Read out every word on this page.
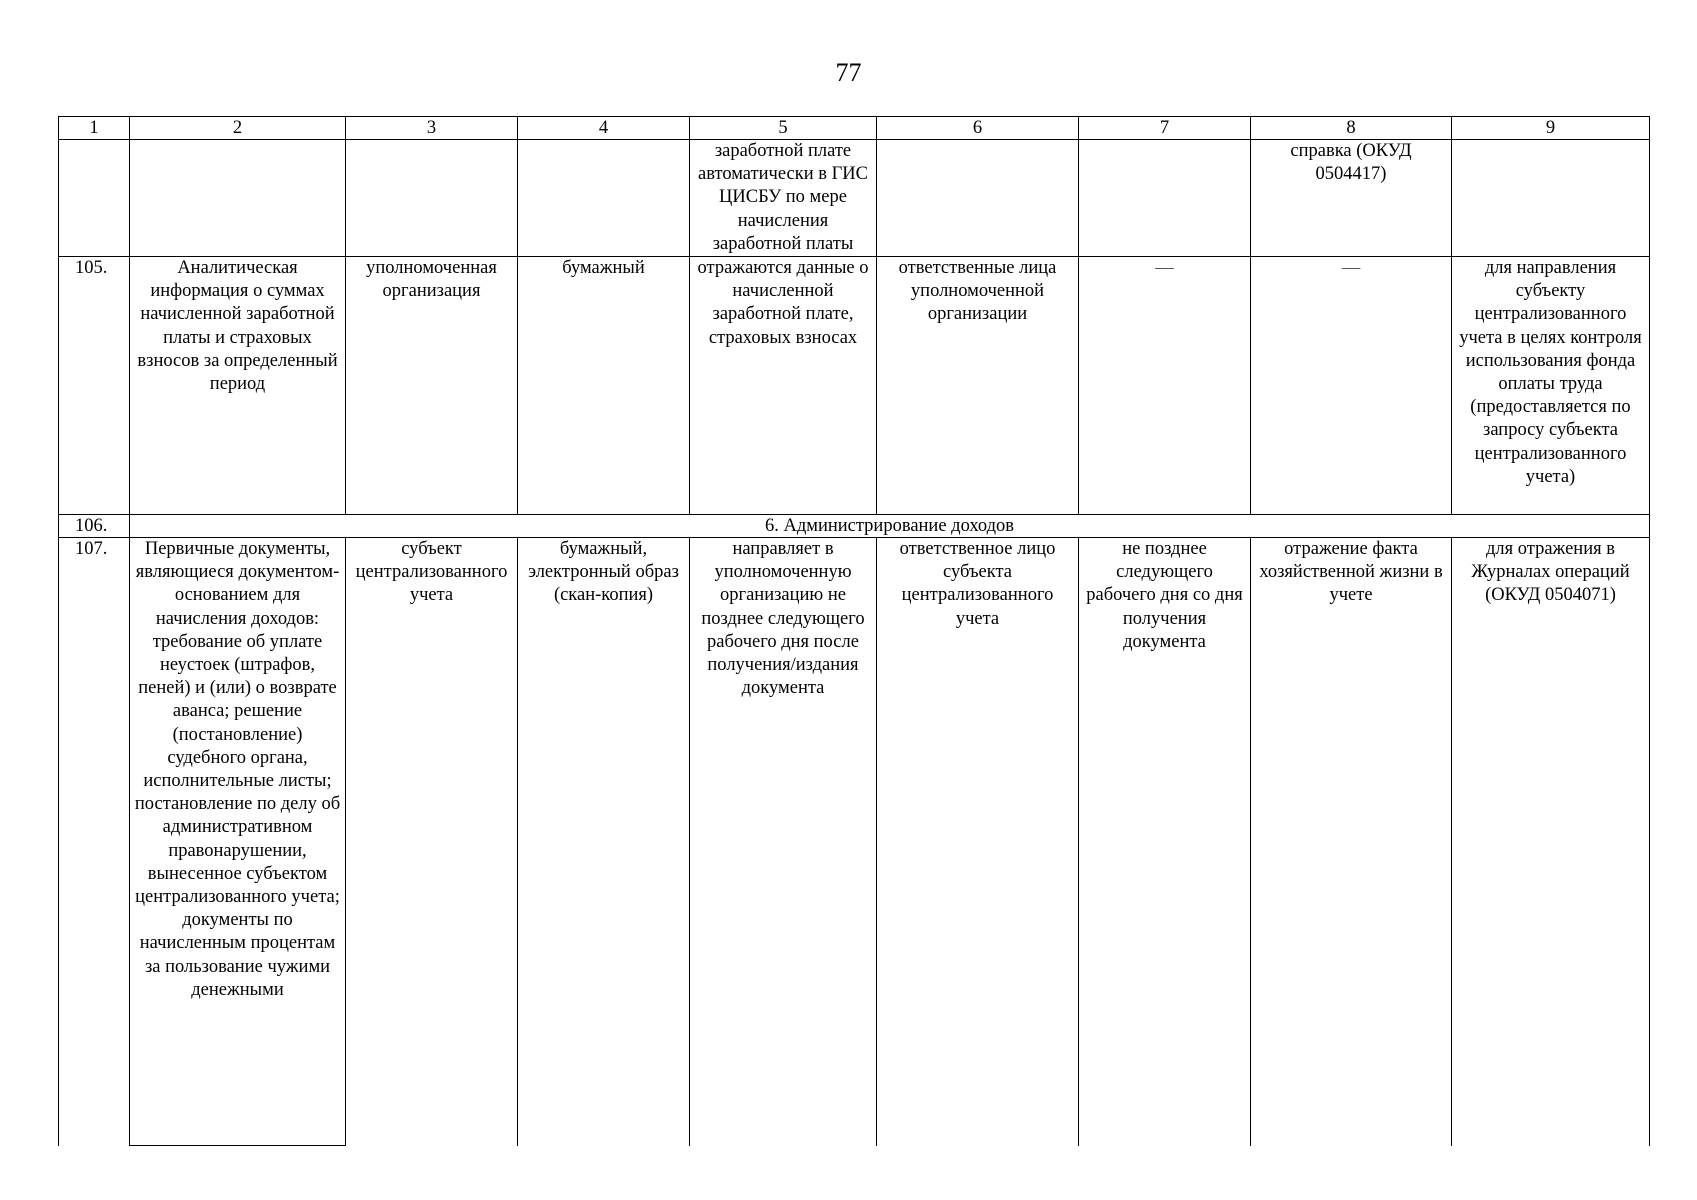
77
1	2	3	4	5	6	7	8	9
				заработной плате автоматически в ГИС ЦИСБУ по мере начисления заработной платы			справка (ОКУД 0504417)	
105.	Аналитическая информация о суммах начисленной заработной платы и страховых взносов за определенный период	уполномоченная организация	бумажный	отражаются данные о начисленной заработной плате, страховых взносах	ответственные лица уполномоченной организации	—	—	для направления субъекту централизованного учета в целях контроля использования фонда оплаты труда (предоставляется по запросу субъекта централизованного учета)
106.	6. Администрирование доходов							
107.	Первичные документы, являющиеся документом-основанием для начисления доходов: требование об уплате неустоек (штрафов, пеней) и (или) о возврате аванса; решение (постановление) судебного органа, исполнительные листы; постановление по делу об административном правонарушении, вынесенное субъектом централизованного учета; документы по начисленным процентам за пользование чужими денежными	субъект централизованного учета	бумажный, электронный образ (скан-копия)	направляет в уполномоченную организацию не позднее следующего рабочего дня после получения/издания документа	ответственное лицо субъекта централизованного учета	не позднее следующего рабочего дня со дня получения документа	отражение факта хозяйственной жизни в учете	для отражения в Журналах операций (ОКУД 0504071)
